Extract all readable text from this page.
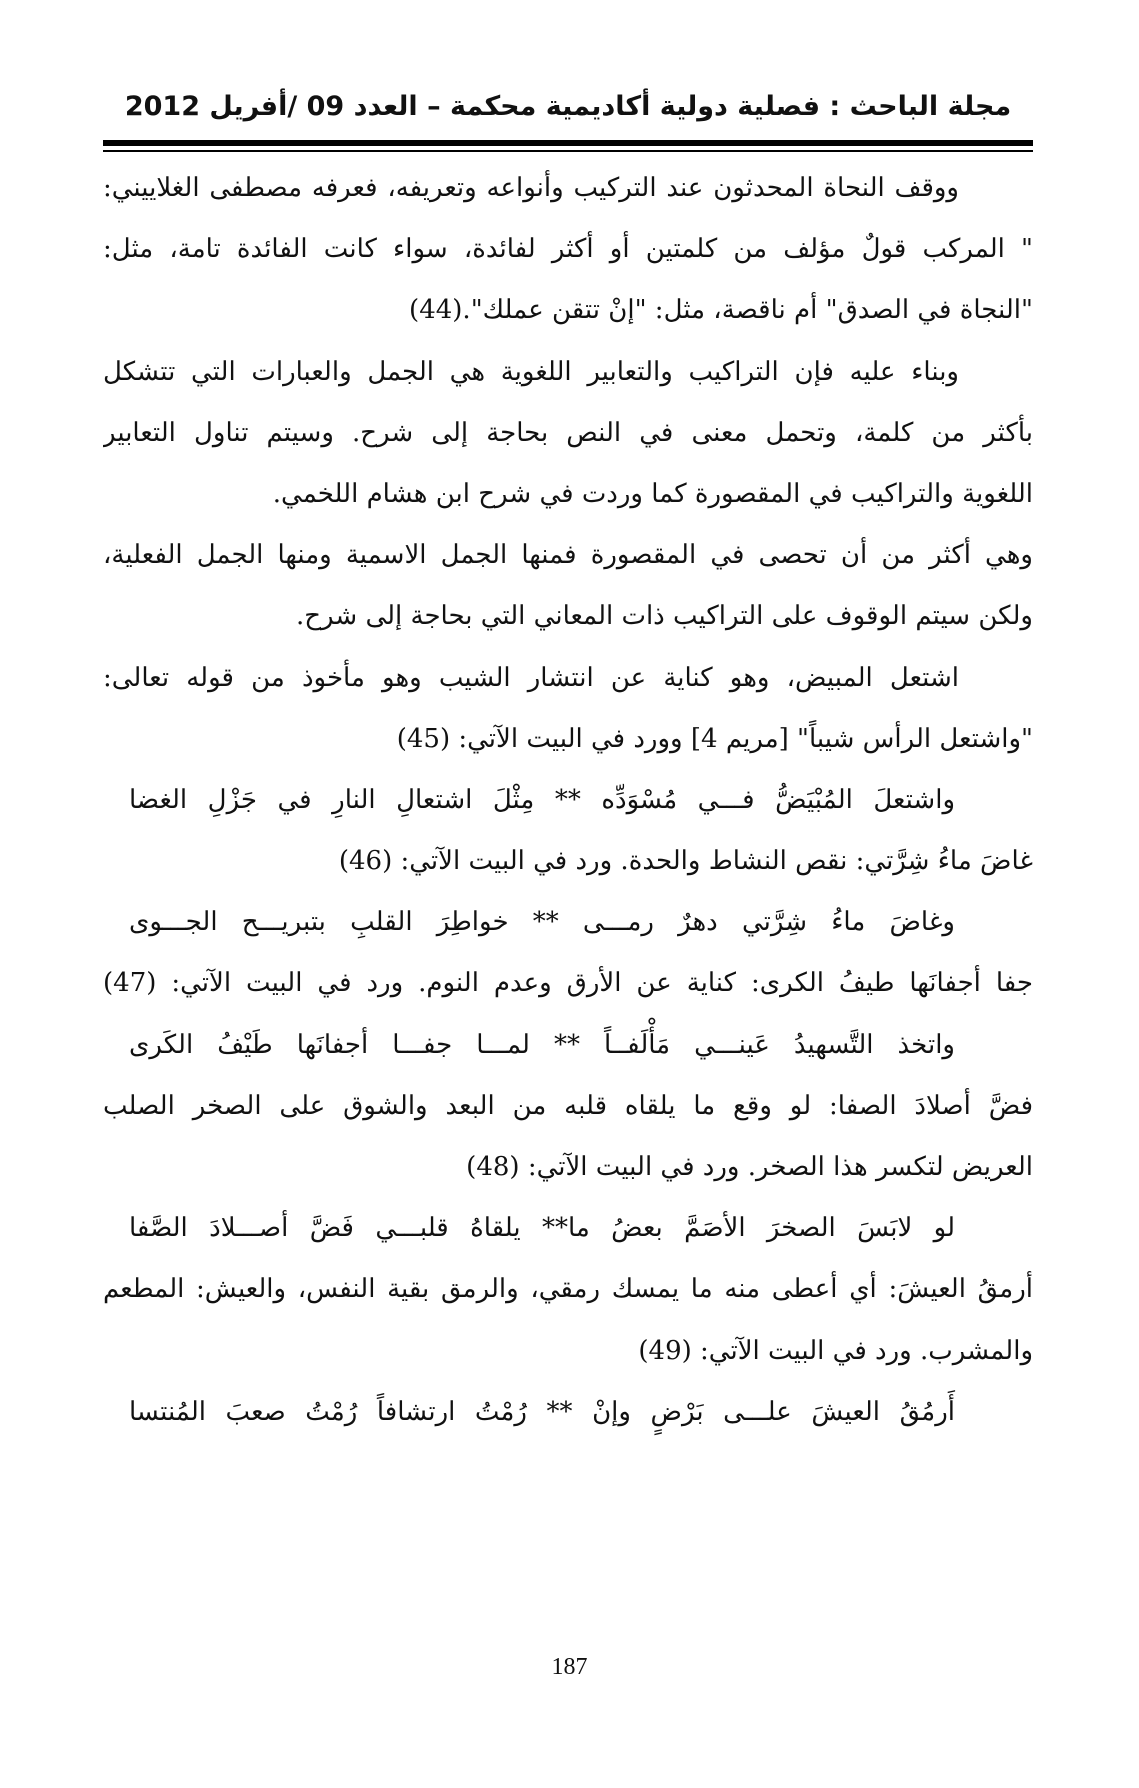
مجلة الباحث : فصلية دولية أكاديمية محكمة – العدد 09 /أفريل 2012
ووقف النحاة المحدثون عند التركيب وأنواعه وتعريفه، فعرفه مصطفى الغلاييني:
" المركب قولٌ مؤلف من كلمتين أو أكثر لفائدة، سواء كانت الفائدة تامة، مثل:
"النجاة في الصدق" أم ناقصة، مثل: "إنْ تتقن عملك".(44)
وبناء عليه فإن التراكيب والتعابير اللغوية هي الجمل والعبارات التي تتشكل
بأكثر من كلمة، وتحمل معنى في النص بحاجة إلى شرح. وسيتم تناول التعابير
اللغوية والتراكيب في المقصورة كما وردت في شرح ابن هشام اللخمي.
وهي أكثر من أن تحصى في المقصورة فمنها الجمل الاسمية ومنها الجمل الفعلية،
ولكن سيتم الوقوف على التراكيب ذات المعاني التي بحاجة إلى شرح.
اشتعل المبيض، وهو كناية عن انتشار الشيب وهو مأخوذ من قوله تعالى:
"واشتعل الرأس شيباً" [مريم 4] وورد في البيت الآتي: (45)
واشتعلَ المُبْيَضُّ فـــي مُسْوَدِّه ** مِثْلَ اشتعالِ النارِ في جَزْلِ الغضا
غاضَ ماءُ شِرَّتي: نقص النشاط والحدة. ورد في البيت الآتي: (46)
وغاضَ ماءُ شِرَّتي دهرٌ رمـــى ** خواطِرَ القلبِ بتبريـــح الجـــوى
جفا أجفانَها طيفُ الكرى: كناية عن الأرق وعدم النوم. ورد في البيت الآتي: (47)
واتخذ التَّسهيدُ عَينـــي مَأْلَفــاً ** لمـــا جفـــا أجفانَها طَيْفُ الكَرى
فضَّ أصلادَ الصفا: لو وقع ما يلقاه قلبه من البعد والشوق على الصخر الصلب
العريض لتكسر هذا الصخر. ورد في البيت الآتي: (48)
لو لابَسَ الصخرَ الأصَمَّ بعضُ ما** يلقاهُ قلبـــي فَضَّ أصـــلادَ الصَّفا
أرمقُ العيشَ: أي أعطى منه ما يمسك رمقي، والرمق بقية النفس، والعيش: المطعم
والمشرب. ورد في البيت الآتي: (49)
أَرمُقُ العيشَ علـــى بَرْضٍ وإنْ ** رُمْتُ ارتشافاً رُمْتُ صعبَ المُنتسا
187
